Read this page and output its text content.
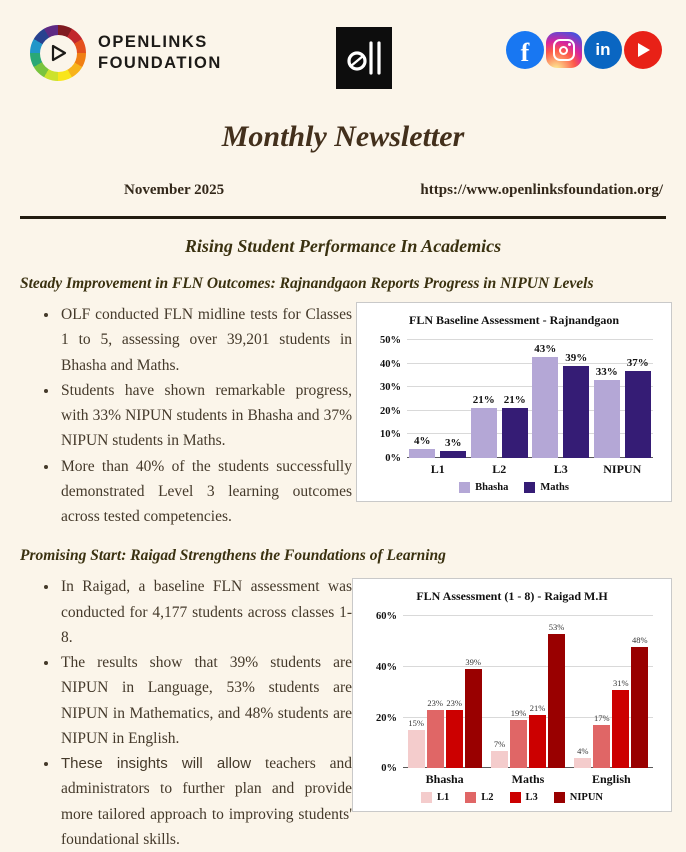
OPENLINKS
FOUNDATION	f	in
Monthly Newsletter
November 2025	https://www.openlinksfoundation.org/
Rising Student Performance In Academics
Steady Improvement in FLN Outcomes: Rajnandgaon Reports Progress in NIPUN Levels
• OLF conducted FLN midline tests for Classes 1 to 5, assessing over 39,201 students in Bhasha and Maths.
• Students have shown remarkable progress, with 33% NIPUN students in Bhasha and 37% NIPUN students in Maths.
• More than 40% of the students successfully demonstrated Level 3 learning outcomes across tested competencies.
FLN Baseline Assessment - Rajnandgaon
0%
10%
20%
30%
40%
50%
4% 3%
21% 21%
43%
39%
33%
37%
L1	L2	L3	NIPUN
Bhasha	Maths
Promising Start: Raigad Strengthens the Foundations of Learning
• In Raigad, a baseline FLN assessment was conducted for 4,177 students across classes 1-8.
• The results show that 39% students are NIPUN in Language, 53% students are NIPUN in Mathematics, and 48% students are NIPUN in English.
• These insights will allow teachers and administrators to further plan and provide more tailored approach to improving students' foundational skills.
FLN Assessment (1 - 8) - Raigad M.H
0%
20%
40%
60%
15%
23% 23%
39%
7%
19%
21%
53%
4%
17%
31%
48%
Bhasha	Maths	English
L1	L2	L3	NIPUN
